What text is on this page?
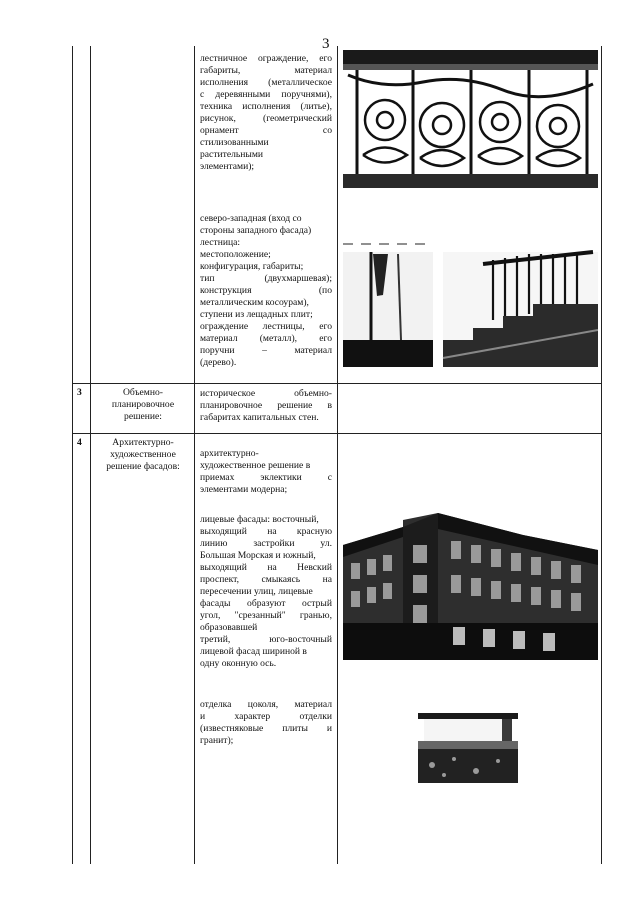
3
лестничное ограждение, его
габариты, материал
исполнения (металлическое
с деревянными поручнями),
техника исполнения (литье),
рисунок, (геометрический
орнамент со
стилизованными
растительными
элементами);
северо-западная (вход со
стороны западного фасада)
лестница:
местоположение;
конфигурация, габариты;
тип (двухмаршевая);
конструкция (по
металлическим косоурам),
ступени из лещадных плит;
ограждение лестницы, его
материал (металл), его
поручни – материал
(дерево).
3	Объемно-
планировочное
решение:
историческое объемно-
планировочное решение в
габаритах капитальных стен.
4	Архитектурно-
художественное
решение фасадов:
архитектурно-
художественное решение в
приемах эклектики с
элементами модерна;
лицевые фасады: восточный,
выходящий на красную
линию застройки ул.
Большая Морская и южный,
выходящий на Невский
проспект, смыкаясь на
пересечении улиц, лицевые
фасады образуют острый
угол, "срезанный" гранью,
образовавшей
третий, юго-восточный
лицевой фасад шириной в
одну оконную ось.
отделка цоколя, материал
и характер отделки
(известняковые плиты и
гранит);
